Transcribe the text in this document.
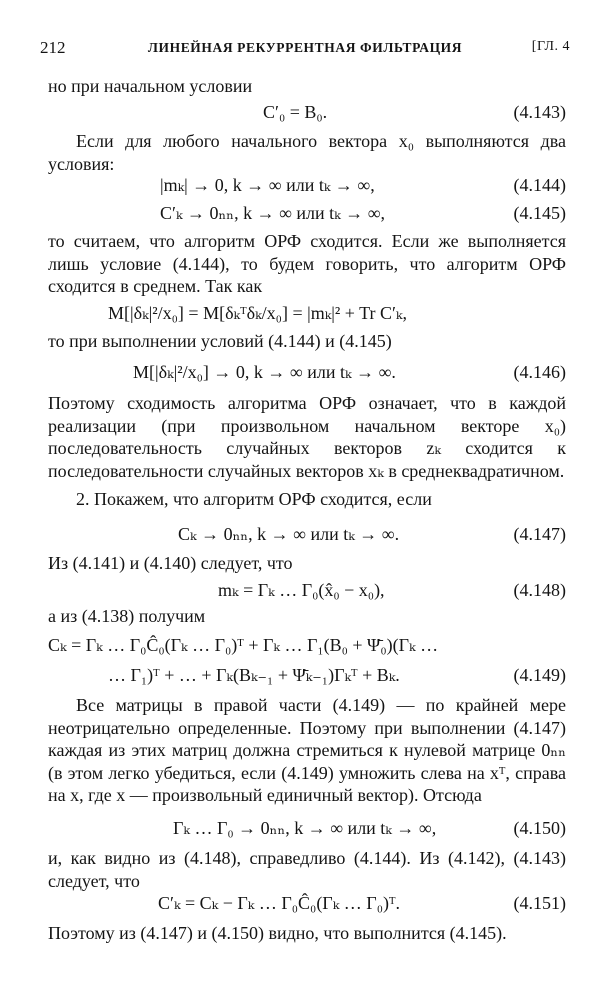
212	ЛИНЕЙНАЯ РЕКУРРЕНТНАЯ ФИЛЬТРАЦИЯ	[ГЛ. 4
но при начальном условии
C′₀ = B₀.	(4.143)
Если для любого начального вектора x₀ выполняются два условия:
|mₖ| → 0, k → ∞ или tₖ → ∞,	(4.144)
C′ₖ → 0ₙₙ, k → ∞ или tₖ → ∞,	(4.145)
то считаем, что алгоритм ОРФ сходится. Если же выполняется лишь условие (4.144), то будем говорить, что алгоритм ОРФ сходится в среднем. Так как
M[|δₖ|²/x₀] = M[δₖᵀδₖ/x₀] = |mₖ|² + Tr C′ₖ,
то при выполнении условий (4.144) и (4.145)
M[|δₖ|²/x₀] → 0, k → ∞ или tₖ → ∞.	(4.146)
Поэтому сходимость алгоритма ОРФ означает, что в каждой реализации (при произвольном начальном векторе x₀) последовательность случайных векторов zₖ сходится к последовательности случайных векторов xₖ в среднеквадратичном.
2. Покажем, что алгоритм ОРФ сходится, если
Cₖ → 0ₙₙ, k → ∞ или tₖ → ∞.	(4.147)
Из (4.141) и (4.140) следует, что
mₖ = Γₖ … Γ₀(x̂₀ − x₀),	(4.148)
а из (4.138) получим
Cₖ = Γₖ … Γ₀Ĉ₀(Γₖ … Γ₀)ᵀ + Γₖ … Γ₁(B₀ + Ψ̄₀)(Γₖ …
… Γ₁)ᵀ + … + Γₖ(Bₖ₋₁ + Ψ̄ₖ₋₁)Γₖᵀ + Bₖ.	(4.149)
Все матрицы в правой части (4.149) — по крайней мере неотрицательно определенные. Поэтому при выполнении (4.147) каждая из этих матриц должна стремиться к нулевой матрице 0ₙₙ (в этом легко убедиться, если (4.149) умножить слева на xᵀ, справа на x, где x — произвольный единичный вектор). Отсюда
Γₖ … Γ₀ → 0ₙₙ, k → ∞ или tₖ → ∞,	(4.150)
и, как видно из (4.148), справедливо (4.144). Из (4.142), (4.143) следует, что
C′ₖ = Cₖ − Γₖ … Γ₀Ĉ₀(Γₖ … Γ₀)ᵀ.	(4.151)
Поэтому из (4.147) и (4.150) видно, что выполнится (4.145).
